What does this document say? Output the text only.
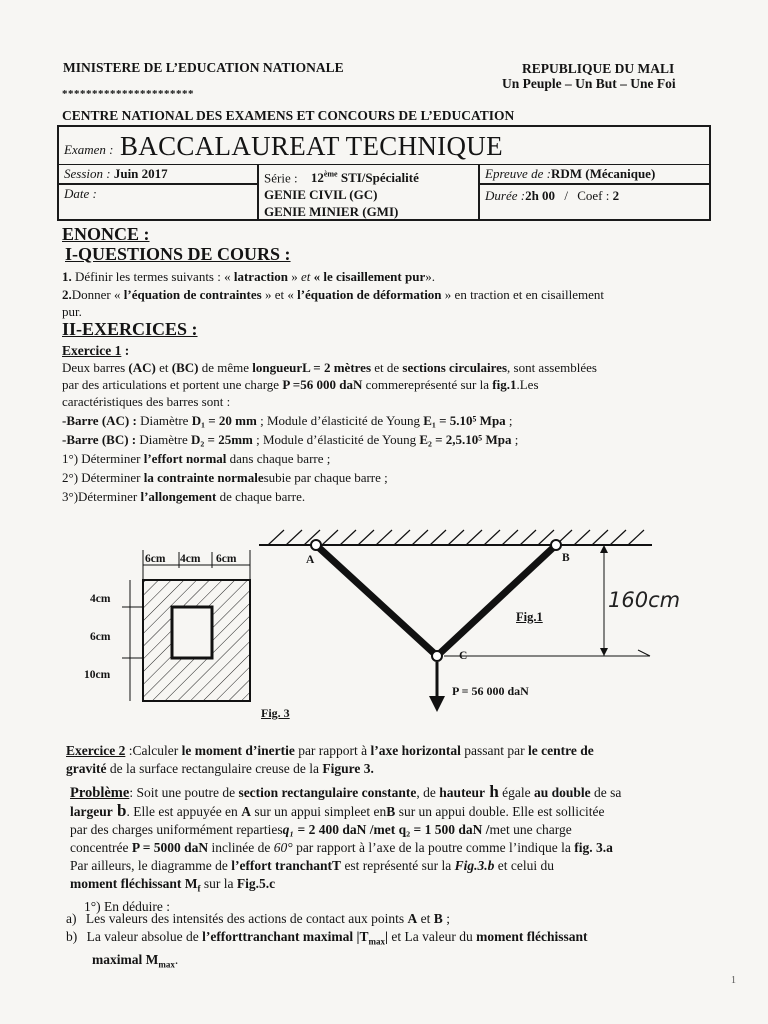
MINISTERE DE L’EDUCATION NATIONALE	REPUBLIQUE DU MALI
Un Peuple – Un But – Une Foi
**********************
CENTRE NATIONAL DES EXAMENS ET CONCOURS DE L’EDUCATION
Examen : BACCALAUREAT TECHNIQUE
Session : Juin 2017
Date :
Série : 12ème STI/Spécialité
GENIE CIVIL (GC)
GENIE MINIER (GMI)
Epreuve de :RDM (Mécanique)
Durée :2h 00 / Coef : 2
ENONCE :
I-QUESTIONS DE COURS :
1. Définir les termes suivants : « latraction » et « le cisaillement pur».
2.Donner « l’équation de contraintes » et « l’équation de déformation » en traction et en cisaillement
pur.
II-EXERCICES :
Exercice 1 :
Deux barres (AC) et (BC) de même longueurL = 2 mètres et de sections circulaires, sont assemblées
par des articulations et portent une charge P =56 000 daN commereprésenté sur la fig.1.Les
caractéristiques des barres sont :
-Barre (AC) : Diamètre D₁ = 20 mm ; Module d’élasticité de Young E₁ = 5.10⁵ Mpa ;
-Barre (BC) : Diamètre D₂ = 25mm ; Module d’élasticité de Young E₂ = 2,5.10⁵ Mpa ;
1°) Déterminer l’effort normal dans chaque barre ;
2°) Déterminer la contrainte normalesubie par chaque barre ;
3°)Déterminer l’allongement de chaque barre.
6cm 4cm 6cm
4cm
6cm
10cm
Fig. 3
A	B
C
Fig.1
160cm
P = 56 000 daN
Exercice 2 :Calculer le moment d’inertie par rapport à l’axe horizontal passant par le centre de
gravité de la surface rectangulaire creuse de la Figure 3.
Problème: Soit une poutre de section rectangulaire constante, de hauteur h égale au double de sa
largeur b. Elle est appuyée en A sur un appui simpleet enB sur un appui double. Elle est sollicitée
par des charges uniformément repartiesq₁ = 2 400 daN /met q₂ = 1 500 daN /met une charge
concentrée P = 5000 daN inclinée de 60° par rapport à l’axe de la poutre comme l’indique la fig. 3.a
Par ailleurs, le diagramme de l’effort tranchantT est représenté sur la Fig.3.b et celui du
moment fléchissant $M_f$ sur la Fig.5.c
1°) En déduire :
a) Les valeurs des intensités des actions de contact aux points A et B ;
b) La valeur absolue de l’efforttranchant maximal $|T_{max}|$ et La valeur du moment fléchissant
maximal $M_{max}$.
1
